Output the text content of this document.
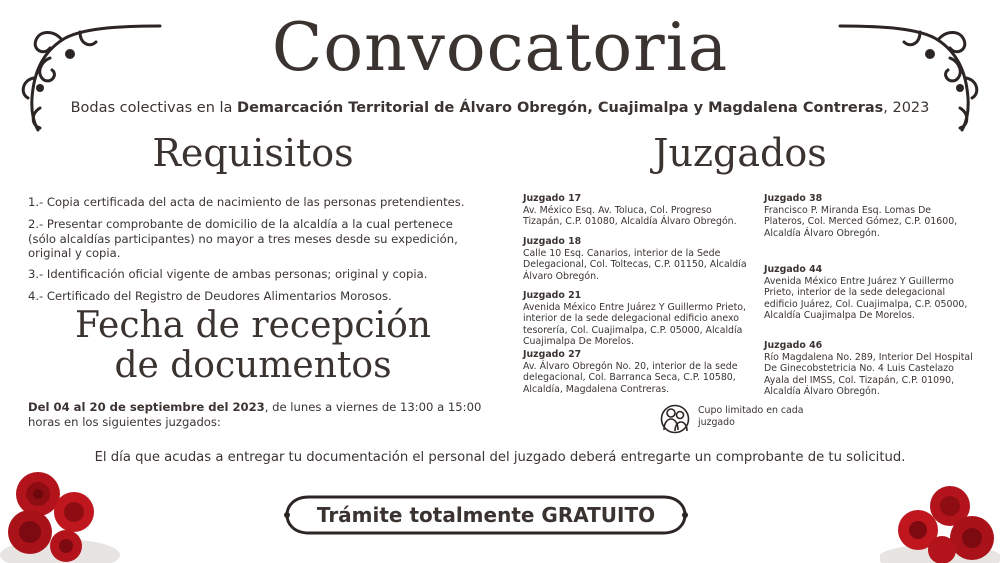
Convocatoria
Bodas colectivas en la Demarcación Territorial de Álvaro Obregón, Cuajimalpa y Magdalena Contreras, 2023
Requisitos
1.- Copia certificada del acta de nacimiento de las personas pretendientes.
2.- Presentar comprobante de domicilio de la alcaldía a la cual pertenece (sólo alcaldías participantes) no mayor a tres meses desde su expedición, original y copia.
3.- Identificación oficial vigente de ambas personas; original y copia.
4.- Certificado del Registro de Deudores Alimentarios Morosos.
Fecha de recepción
de documentos
Del 04 al 20 de septiembre del 2023, de lunes a viernes de 13:00 a 15:00 horas en los siguientes juzgados:
Juzgados
Juzgado 17
Av. México Esq. Av. Toluca, Col. Progreso Tizapán, C.P. 01080, Alcaldía Álvaro Obregón.
Juzgado 18
Calle 10 Esq. Canarios, interior de la Sede Delegacional, Col. Toltecas, C.P. 01150, Alcaldía Álvaro Obregón.
Juzgado 21
Avenida México Entre Juárez Y Guillermo Prieto, interior de la sede delegacional edificio anexo tesorería, Col. Cuajimalpa, C.P. 05000, Alcaldía Cuajimalpa De Morelos.
Juzgado 27
Av. Álvaro Obregón No. 20, interior de la sede delegacional, Col. Barranca Seca, C.P. 10580, Alcaldía, Magdalena Contreras.
Juzgado 38
Francisco P. Miranda Esq. Lomas De Plateros, Col. Merced Gómez, C.P. 01600, Alcaldía Álvaro Obregón.
Juzgado 44
Avenida México Entre Juárez Y Guillermo Prieto, interior de la sede delegacional edificio Juárez, Col. Cuajimalpa, C.P. 05000, Alcaldía Cuajimalpa De Morelos.
Juzgado 46
Río Magdalena No. 289, Interior Del Hospital De Ginecobstetricia No. 4 Luis Castelazo Ayala del IMSS, Col. Tizapán, C.P. 01090, Alcaldía Álvaro Obregón.
Cupo limitado en cada juzgado
El día que acudas a entregar tu documentación el personal del juzgado deberá entregarte un comprobante de tu solicitud.
Trámite totalmente GRATUITO
